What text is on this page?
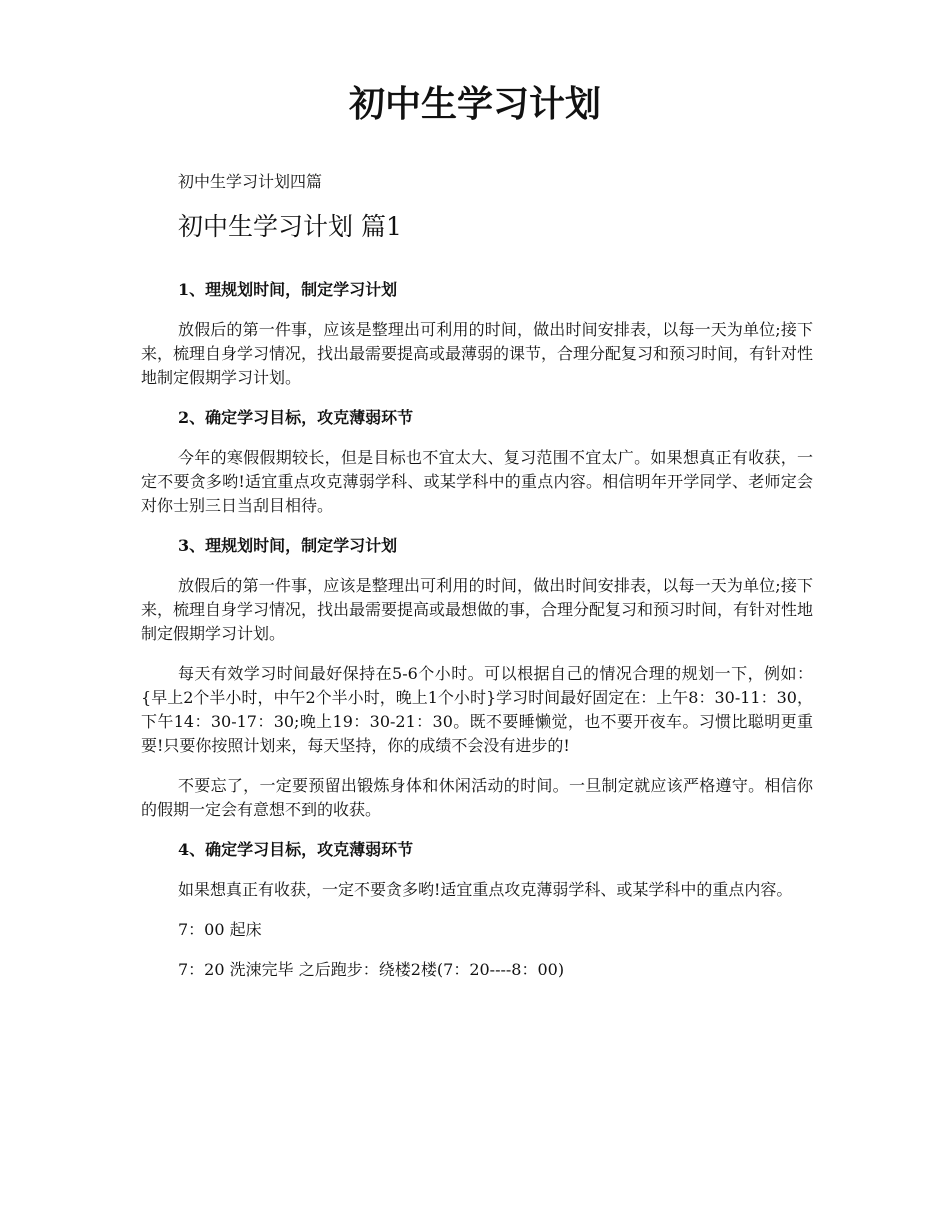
初中生学习计划

初中生学习计划四篇

初中生学习计划 篇1

1、理规划时间，制定学习计划

放假后的第一件事，应该是整理出可利用的时间，做出时间安排表，以每一天为单位;接下来，梳理自身学习情况，找出最需要提高或最薄弱的课节，合理分配复习和预习时间，有针对性地制定假期学习计划。

2、确定学习目标，攻克薄弱环节

今年的寒假假期较长，但是目标也不宜太大、复习范围不宜太广。如果想真正有收获，一定不要贪多哟!适宜重点攻克薄弱学科、或某学科中的重点内容。相信明年开学同学、老师定会对你士别三日当刮目相待。

3、理规划时间，制定学习计划

放假后的第一件事，应该是整理出可利用的时间，做出时间安排表，以每一天为单位;接下来，梳理自身学习情况，找出最需要提高或最想做的事，合理分配复习和预习时间，有针对性地制定假期学习计划。

每天有效学习时间最好保持在5-6个小时。可以根据自己的情况合理的规划一下，例如：{早上2个半小时，中午2个半小时，晚上1个小时}学习时间最好固定在：上午8：30-11：30，下午14：30-17：30;晚上19：30-21：30。既不要睡懒觉，也不要开夜车。习惯比聪明更重要!只要你按照计划来，每天坚持，你的成绩不会没有进步的!

不要忘了，一定要预留出锻炼身体和休闲活动的时间。一旦制定就应该严格遵守。相信你的假期一定会有意想不到的收获。

4、确定学习目标，攻克薄弱环节

如果想真正有收获，一定不要贪多哟!适宜重点攻克薄弱学科、或某学科中的重点内容。

7：00 起床

7：20 洗涑完毕 之后跑步：绕楼2楼(7：20----8：00)
